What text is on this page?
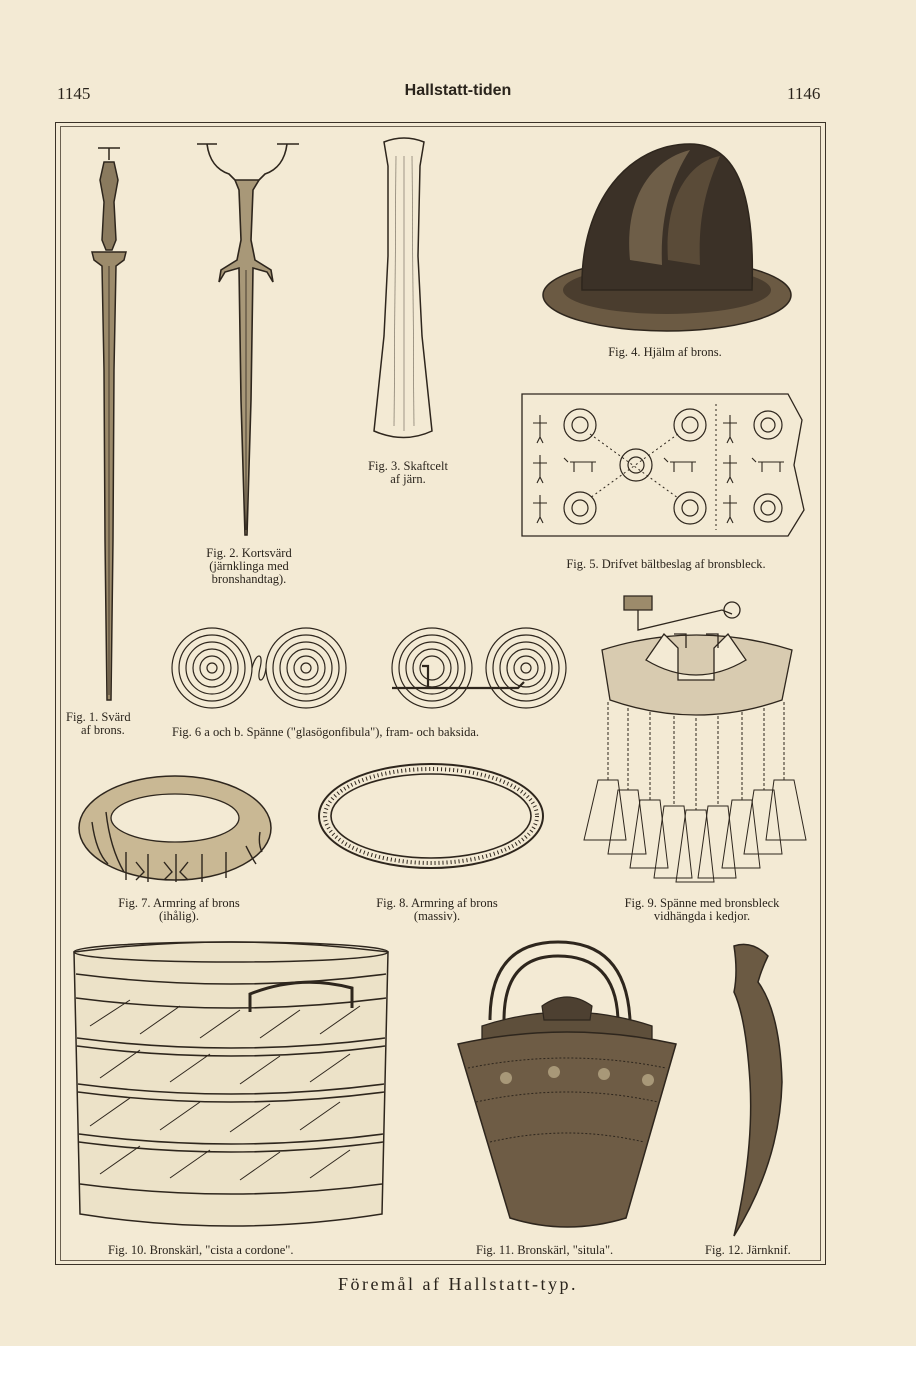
1145	Hallstatt-tiden	1146
Fig. 1. Svärd
af brons.
Fig. 2. Kortsvärd
(järnklinga med
bronshandtag).
Fig. 3. Skaftcelt
af järn.
Fig. 4. Hjälm af brons.
Fig. 5. Drifvet bältbeslag af bronsbleck.
Fig. 6 a och b. Spänne ("glasögonfibula"), fram- och baksida.
Fig. 7. Armring af brons
(ihålig).
Fig. 8. Armring af brons
(massiv).
Fig. 9. Spänne med bronsbleck
vidhängda i kedjor.
Fig. 10. Bronskärl, "cista a cordone".	Fig. 11. Bronskärl, "situla".	Fig. 12. Järnknif.
Föremål af Hallstatt-typ.
